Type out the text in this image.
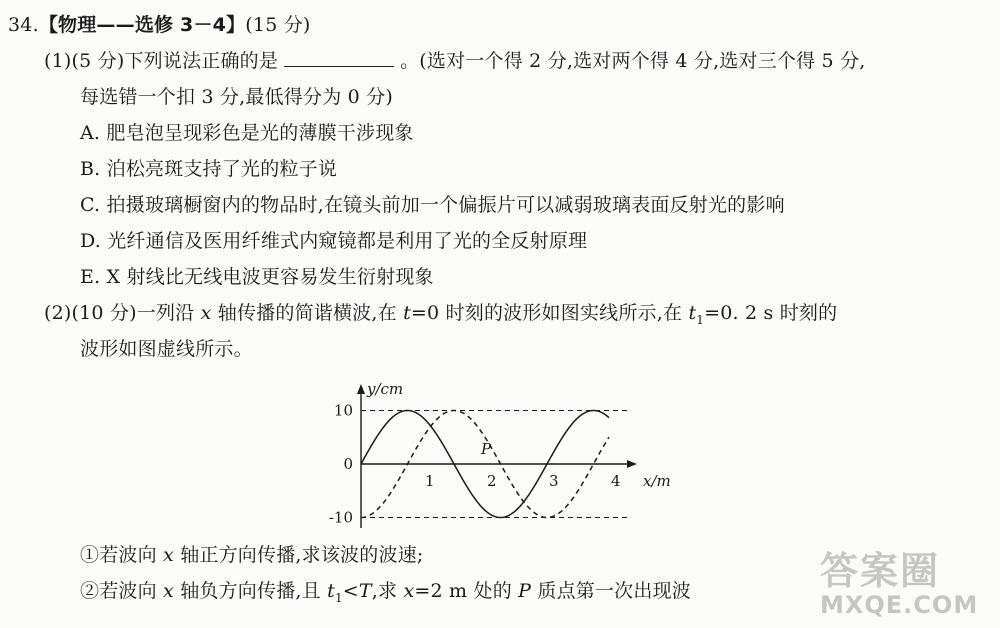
34.【物理——选修 3－4】(15 分)
(1)(5 分)下列说法正确的是	。(选对一个得 2 分,选对两个得 4 分,选对三个得 5 分,
每选错一个扣 3 分,最低得分为 0 分)
A. 肥皂泡呈现彩色是光的薄膜干涉现象
B. 泊松亮斑支持了光的粒子说
C. 拍摄玻璃橱窗内的物品时,在镜头前加一个偏振片可以减弱玻璃表面反射光的影响
D. 光纤通信及医用纤维式内窥镜都是利用了光的全反射原理
E. X 射线比无线电波更容易发生衍射现象
(2)(10 分)一列沿 x 轴传播的简谐横波,在 t=0 时刻的波形如图实线所示,在 $t_1=0$. 2 s 时刻的
波形如图虚线所示。
10
0
-10
1	2	3	4
y/cm
x/m
P
①若波向 x 轴正方向传播,求该波的波速;
②若波向 x 轴负方向传播,且 $t_1<T$,求 x=2 m 处的 P 质点第一次出现波	答案圈
MXQE.COM
